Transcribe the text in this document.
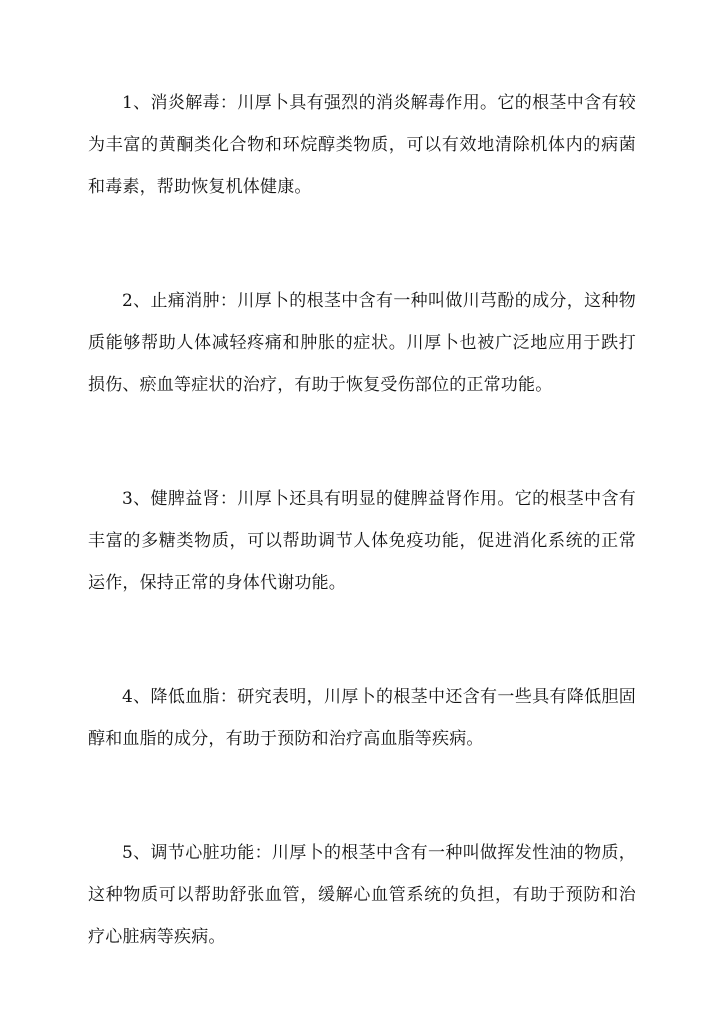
1、消炎解毒：川厚卜具有强烈的消炎解毒作用。它的根茎中含有较为丰富的黄酮类化合物和环烷醇类物质，可以有效地清除机体内的病菌和毒素，帮助恢复机体健康。

2、止痛消肿：川厚卜的根茎中含有一种叫做川芎酚的成分，这种物质能够帮助人体减轻疼痛和肿胀的症状。川厚卜也被广泛地应用于跌打损伤、瘀血等症状的治疗，有助于恢复受伤部位的正常功能。

3、健脾益肾：川厚卜还具有明显的健脾益肾作用。它的根茎中含有丰富的多糖类物质，可以帮助调节人体免疫功能，促进消化系统的正常运作，保持正常的身体代谢功能。

4、降低血脂：研究表明，川厚卜的根茎中还含有一些具有降低胆固醇和血脂的成分，有助于预防和治疗高血脂等疾病。

5、调节心脏功能：川厚卜的根茎中含有一种叫做挥发性油的物质，这种物质可以帮助舒张血管，缓解心血管系统的负担，有助于预防和治疗心脏病等疾病。
